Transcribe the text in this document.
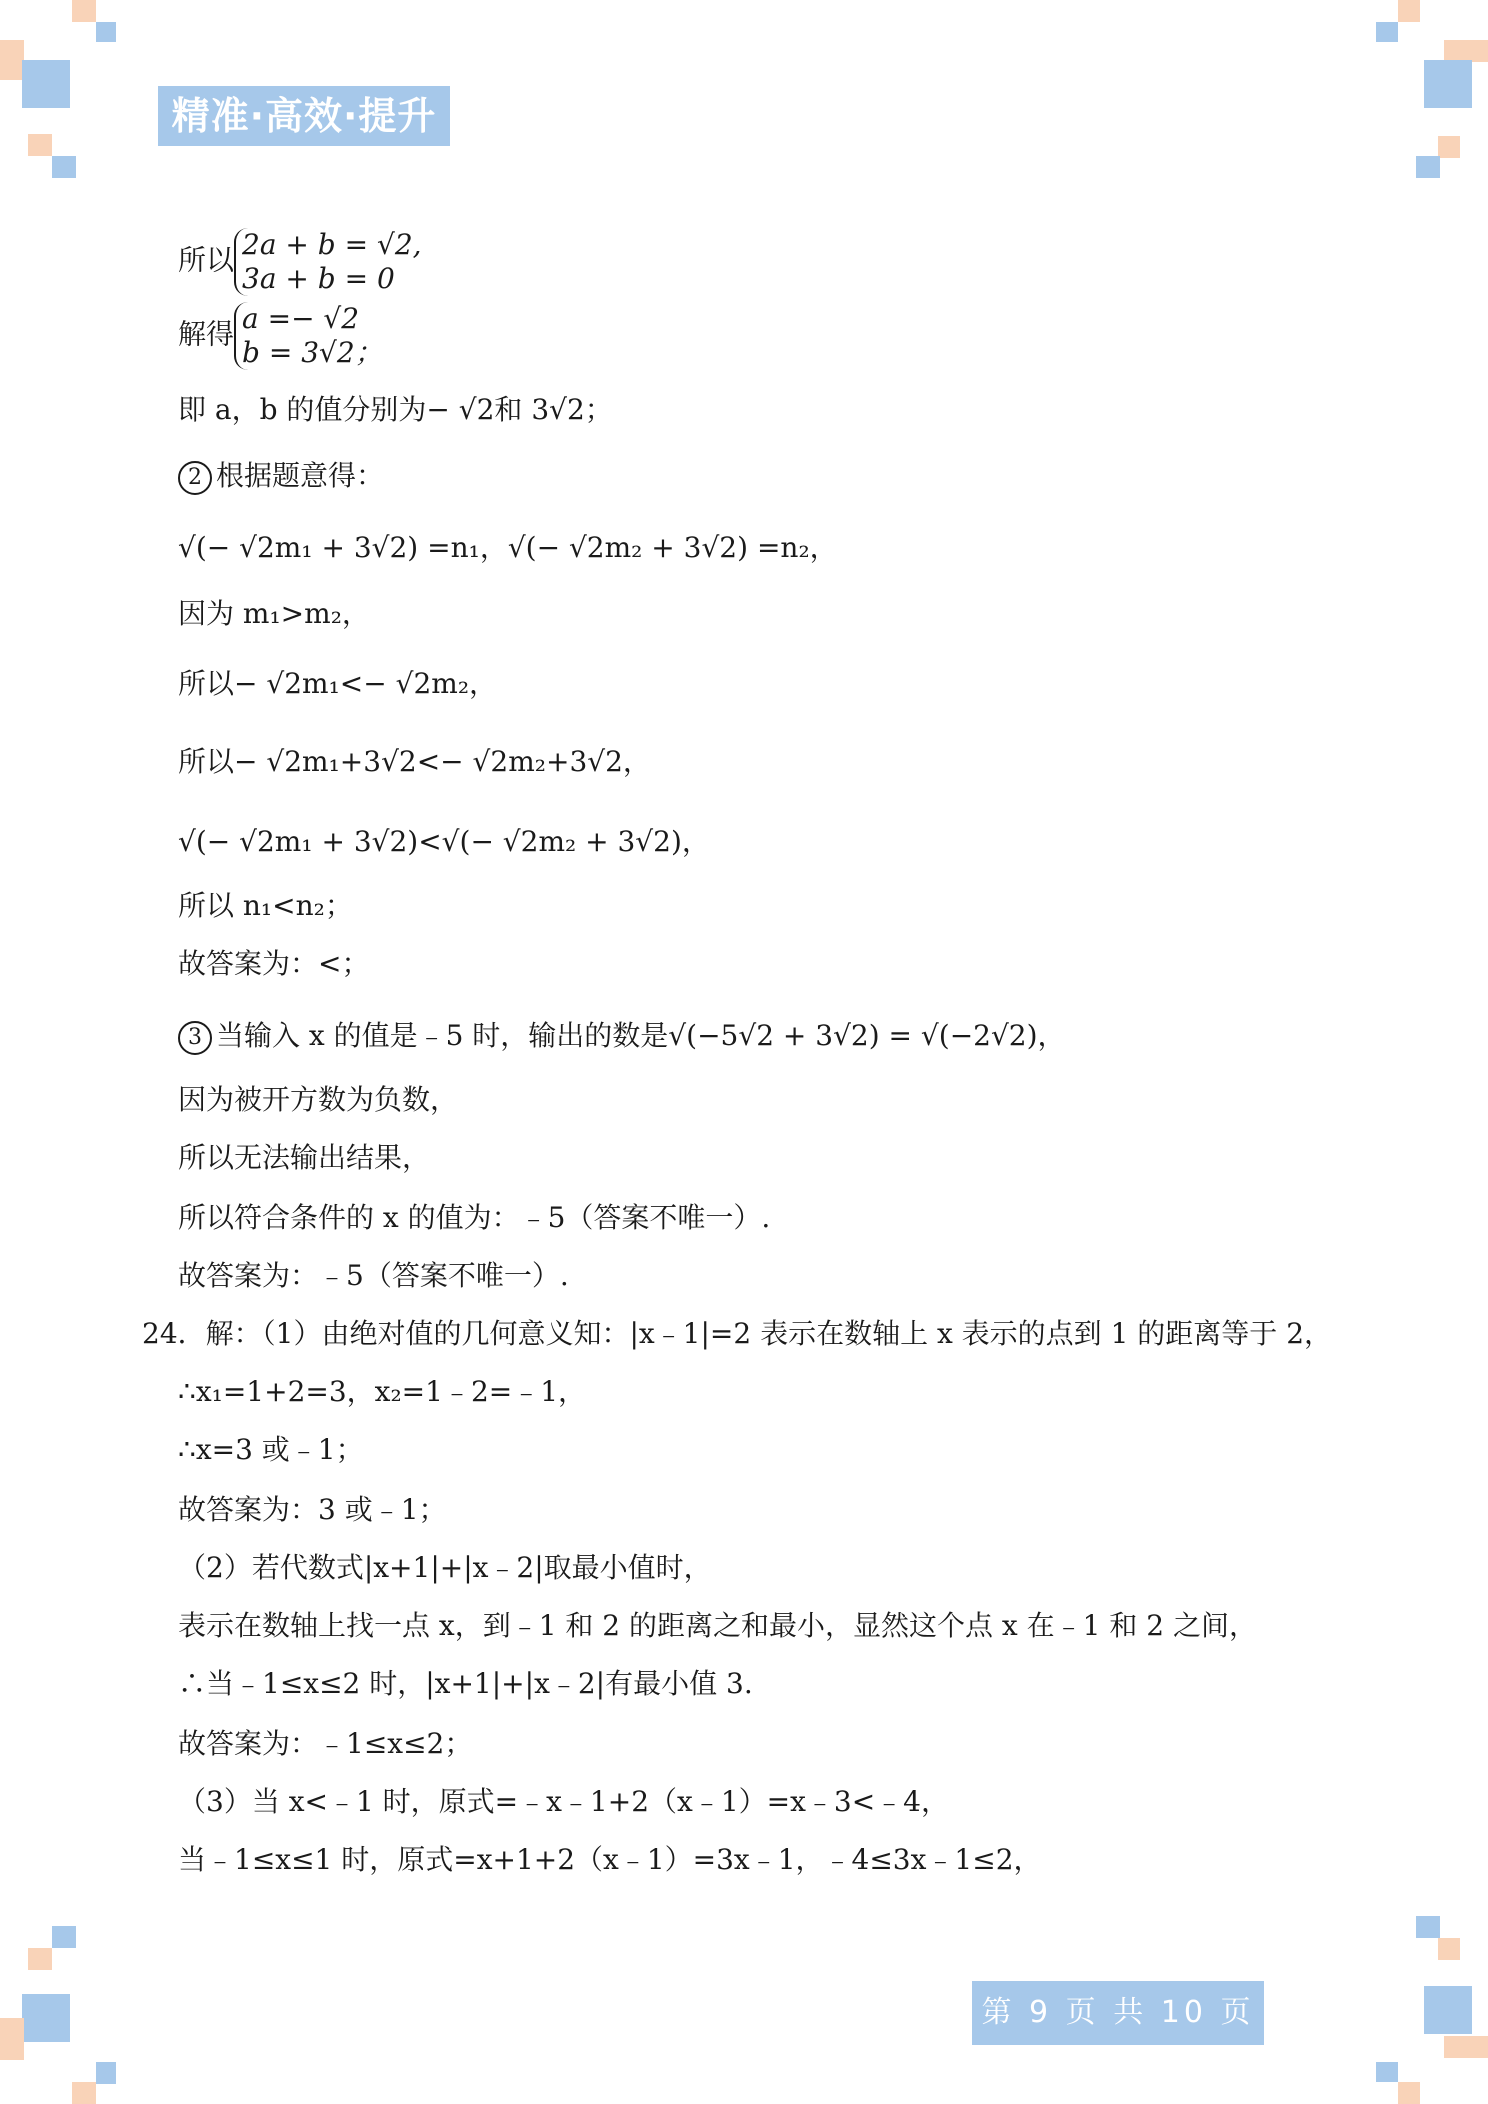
精准·高效·提升
所以 2a + b = √2,
3a + b = 0
解得 a =− √2
b = 3√2；
即 a，b 的值分别为− √2和 3√2；
2 根据题意得：
√(− √2m₁ + 3√2) =n₁，√(− √2m₂ + 3√2) =n₂，
因为 m₁>m₂，
所以− √2m₁<− √2m₂，
所以− √2m₁+3√2<− √2m₂+3√2，
√(− √2m₁ + 3√2)<√(− √2m₂ + 3√2)，
所以 n₁<n₂；
故答案为：<；
3 当输入 x 的值是﹣5 时，输出的数是√(−5√2 + 3√2) = √(−2√2)，
因为被开方数为负数，
所以无法输出结果，
所以符合条件的 x 的值为：﹣5（答案不唯一）.
故答案为：﹣5（答案不唯一）.
24．解：（1）由绝对值的几何意义知：|x﹣1|=2 表示在数轴上 x 表示的点到 1 的距离等于 2，
∴x₁=1+2=3，x₂=1﹣2=﹣1，
∴x=3 或﹣1；
故答案为：3 或﹣1；
（2）若代数式|x+1|+|x﹣2|取最小值时，
表示在数轴上找一点 x，到﹣1 和 2 的距离之和最小，显然这个点 x 在﹣1 和 2 之间，
∴当﹣1≤x≤2 时，|x+1|+|x﹣2|有最小值 3.
故答案为：﹣1≤x≤2；
（3）当 x<﹣1 时，原式=﹣x﹣1+2（x﹣1）=x﹣3<﹣4，
当﹣1≤x≤1 时，原式=x+1+2（x﹣1）=3x﹣1，﹣4≤3x﹣1≤2，
第 9 页 共 10 页
